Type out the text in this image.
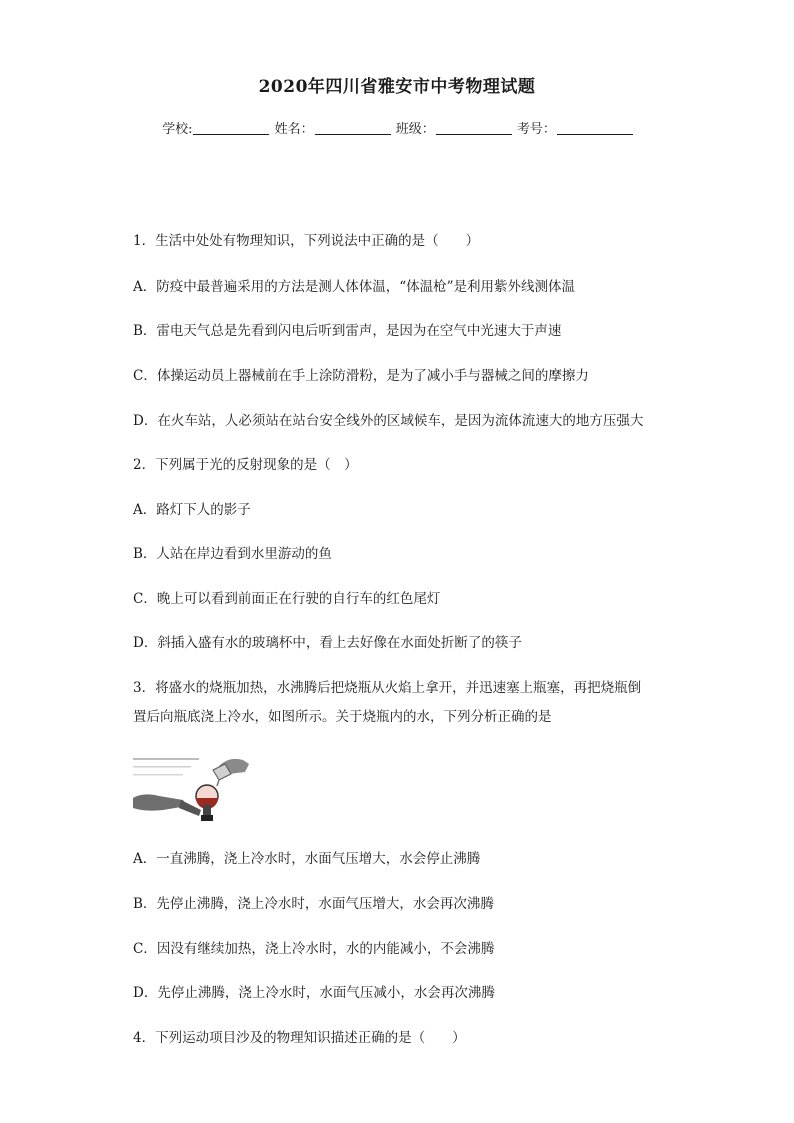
2020年四川省雅安市中考物理试题
学校:	姓名：	班级：	考号：
1．生活中处处有物理知识，下列说法中正确的是（　　）
A．防疫中最普遍采用的方法是测人体体温，“体温枪”是利用紫外线测体温
B．雷电天气总是先看到闪电后听到雷声，是因为在空气中光速大于声速
C．体操运动员上器械前在手上涂防滑粉，是为了减小手与器械之间的摩擦力
D．在火车站，人必须站在站台安全线外的区域候车，是因为流体流速大的地方压强大
2．下列属于光的反射现象的是（　）
A．路灯下人的影子
B．人站在岸边看到水里游动的鱼
C．晚上可以看到前面正在行驶的自行车的红色尾灯
D．斜插入盛有水的玻璃杯中，看上去好像在水面处折断了的筷子
3．将盛水的烧瓶加热，水沸腾后把烧瓶从火焰上拿开，并迅速塞上瓶塞，再把烧瓶倒
置后向瓶底浇上冷水，如图所示。关于烧瓶内的水，下列分析正确的是
A．一直沸腾，浇上冷水时，水面气压增大，水会停止沸腾
B．先停止沸腾，浇上冷水时，水面气压增大，水会再次沸腾
C．因没有继续加热，浇上冷水时，水的内能减小，不会沸腾
D．先停止沸腾，浇上冷水时，水面气压减小，水会再次沸腾
4．下列运动项目沙及的物理知识描述正确的是（　　）
